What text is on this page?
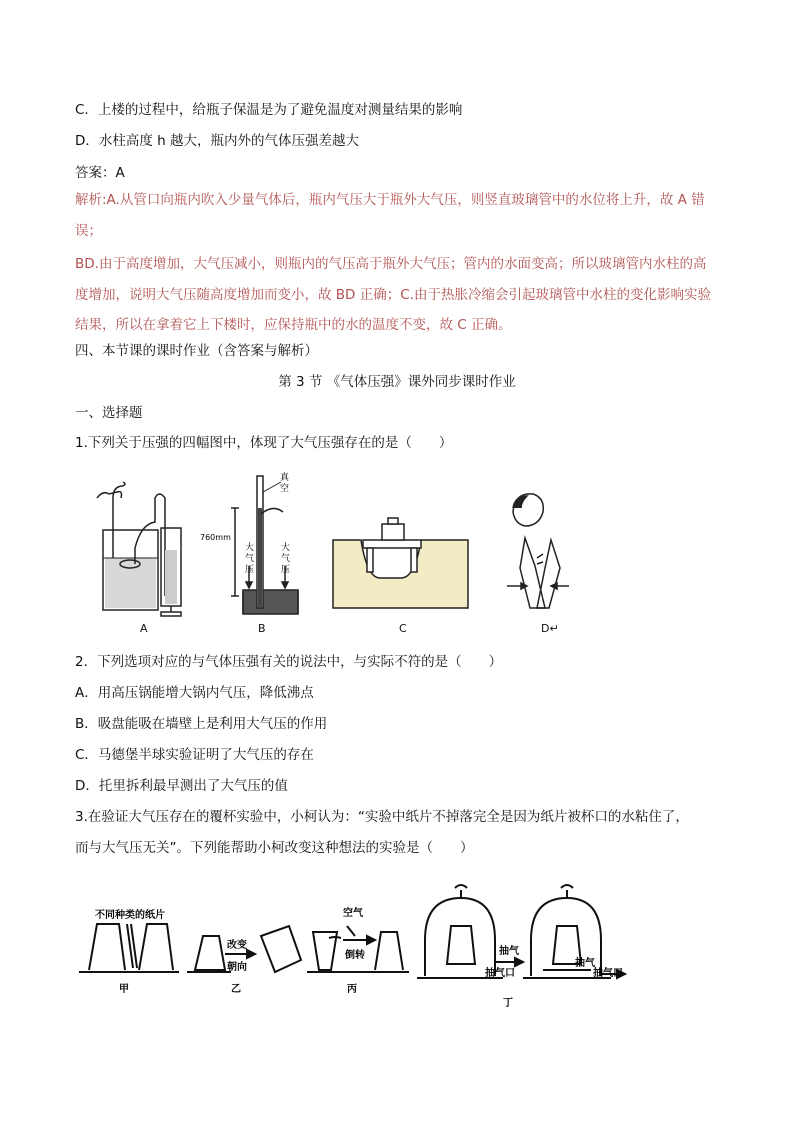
C．上楼的过程中，给瓶子保温是为了避免温度对测量结果的影响
D．水柱高度 h 越大，瓶内外的气体压强差越大
答案：A
解析:A.从管口向瓶内吹入少量气体后，瓶内气压大于瓶外大气压，则竖直玻璃管中的水位将上升，故 A 错
误；
BD.由于高度增加，大气压减小，则瓶内的气压高于瓶外大气压；管内的水面变高；所以玻璃管内水柱的高
度增加，说明大气压随高度增加而变小，故 BD 正确；C.由于热胀冷缩会引起玻璃管中水柱的变化影响实验
结果，所以在拿着它上下楼时，应保持瓶中的水的温度不变，故 C 正确。
四、本节课的课时作业（含答案与解析）
第 3 节 《气体压强》课外同步课时作业
一、选择题
1.下列关于压强的四幅图中，体现了大气压强存在的是（　　）
真
空
760mm
大
气
压
大
气
压
A	B	C	D↵
2．下列选项对应的与气体压强有关的说法中，与实际不符的是（　　）
A．用高压锅能增大锅内气压，降低沸点
B．吸盘能吸在墙壁上是利用大气压的作用
C．马德堡半球实验证明了大气压的存在
D．托里拆利最早测出了大气压的值
3.在验证大气压存在的覆杯实验中，小柯认为：“实验中纸片不掉落完全是因为纸片被杯口的水粘住了，
而与大气压无关”。下列能帮助小柯改变这种想法的实验是（　　）
不同种类的纸片
改变
朝向
空气
倒转	抽气
抽气口
抽气
抽气口
甲	乙	丙
丁
